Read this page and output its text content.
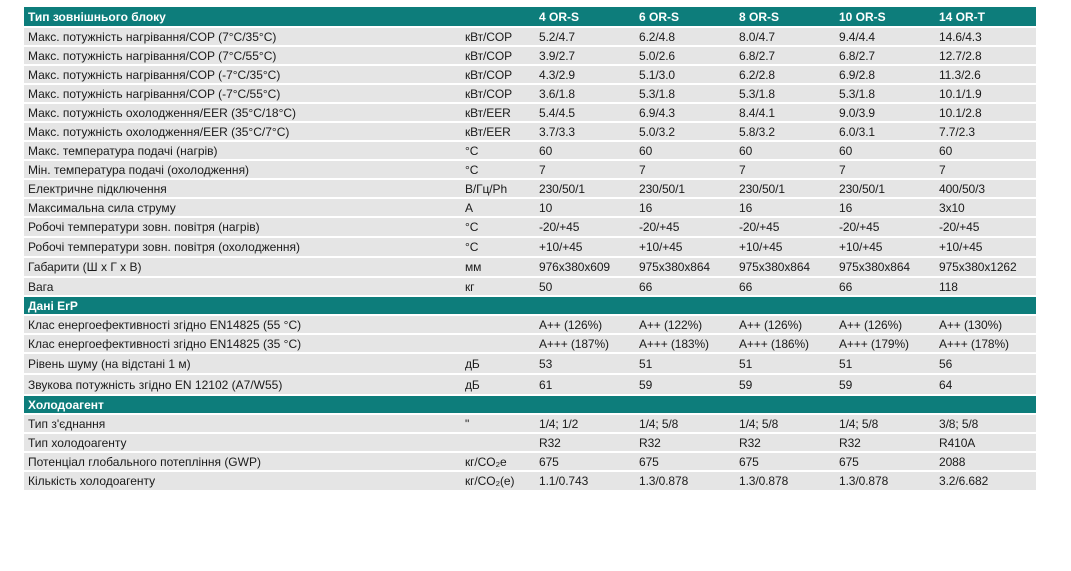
Тип зовнішнього блоку		4 OR-S	6 OR-S	8 OR-S	10 OR-S	14 OR-T
Макс. потужність нагрівання/COP (7°C/35°C)	кВт/COP	5.2/4.7	6.2/4.8	8.0/4.7	9.4/4.4	14.6/4.3
Макс. потужність нагрівання/COP (7°C/55°C)	кВт/COP	3.9/2.7	5.0/2.6	6.8/2.7	6.8/2.7	12.7/2.8
Макс. потужність нагрівання/COP (-7°C/35°C)	кВт/COP	4.3/2.9	5.1/3.0	6.2/2.8	6.9/2.8	11.3/2.6
Макс. потужність нагрівання/COP (-7°C/55°C)	кВт/COP	3.6/1.8	5.3/1.8	5.3/1.8	5.3/1.8	10.1/1.9
Макс. потужність охолодження/EER (35°C/18°C)	кВт/EER	5.4/4.5	6.9/4.3	8.4/4.1	9.0/3.9	10.1/2.8
Макс. потужність охолодження/EER (35°C/7°C)	кВт/EER	3.7/3.3	5.0/3.2	5.8/3.2	6.0/3.1	7.7/2.3
Макс. температура подачі (нагрів)	°C	60	60	60	60	60
Мін. температура подачі (охолодження)	°C	7	7	7	7	7
Електричне підключення	В/Гц/Ph	230/50/1	230/50/1	230/50/1	230/50/1	400/50/3
Максимальна сила струму	A	10	16	16	16	3x10
Робочі температури зовн. повітря (нагрів)	°C	-20/+45	-20/+45	-20/+45	-20/+45	-20/+45
Робочі температури зовн. повітря (охолодження)	°C	+10/+45	+10/+45	+10/+45	+10/+45	+10/+45
Габарити (Ш x Г x В)	мм	976x380x609	975x380x864	975x380x864	975x380x864	975x380x1262
Вага	кг	50	66	66	66	118
Дані ErP						
Клас енергоефективності згідно EN14825 (55 °C)		A++ (126%)	A++ (122%)	A++ (126%)	A++ (126%)	A++ (130%)
Клас енергоефективності згідно EN14825 (35 °C)		A+++ (187%)	A+++ (183%)	A+++ (186%)	A+++ (179%)	A+++ (178%)
Рівень шуму (на відстані 1 м)	дБ	53	51	51	51	56
Звукова потужність згідно EN 12102 (A7/W55)	дБ	61	59	59	59	64
Холодоагент						
Тип з'єднання	"	1/4; 1/2	1/4; 5/8	1/4; 5/8	1/4; 5/8	3/8; 5/8
Тип холодоагенту		R32	R32	R32	R32	R410A
Потенціал глобального потепління (GWP)	кг/CO₂e	675	675	675	675	2088
Кількість холодоагенту	кг/CO₂(e)	1.1/0.743	1.3/0.878	1.3/0.878	1.3/0.878	3.2/6.682
